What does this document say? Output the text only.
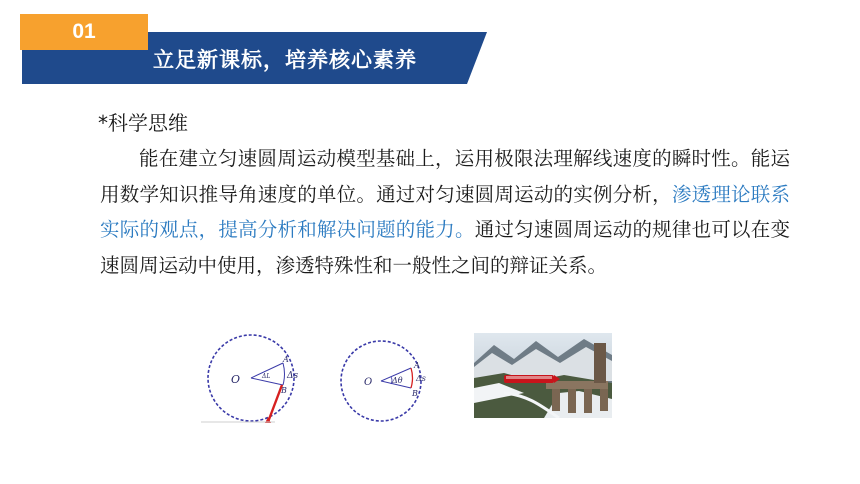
01
立足新课标，培养核心素养
*科学思维
能在建立匀速圆周运动模型基础上，运用极限法理解线速度的瞬时性。能运用数学知识推导角速度的单位。通过对匀速圆周运动的实例分析，渗透理论联系实际的观点，提高分析和解决问题的能力。通过匀速圆周运动的规律也可以在变速圆周运动中使用，渗透特殊性和一般性之间的辩证关系。
O	ΔL Δs
A
B
O Δθ Δs
A
B
